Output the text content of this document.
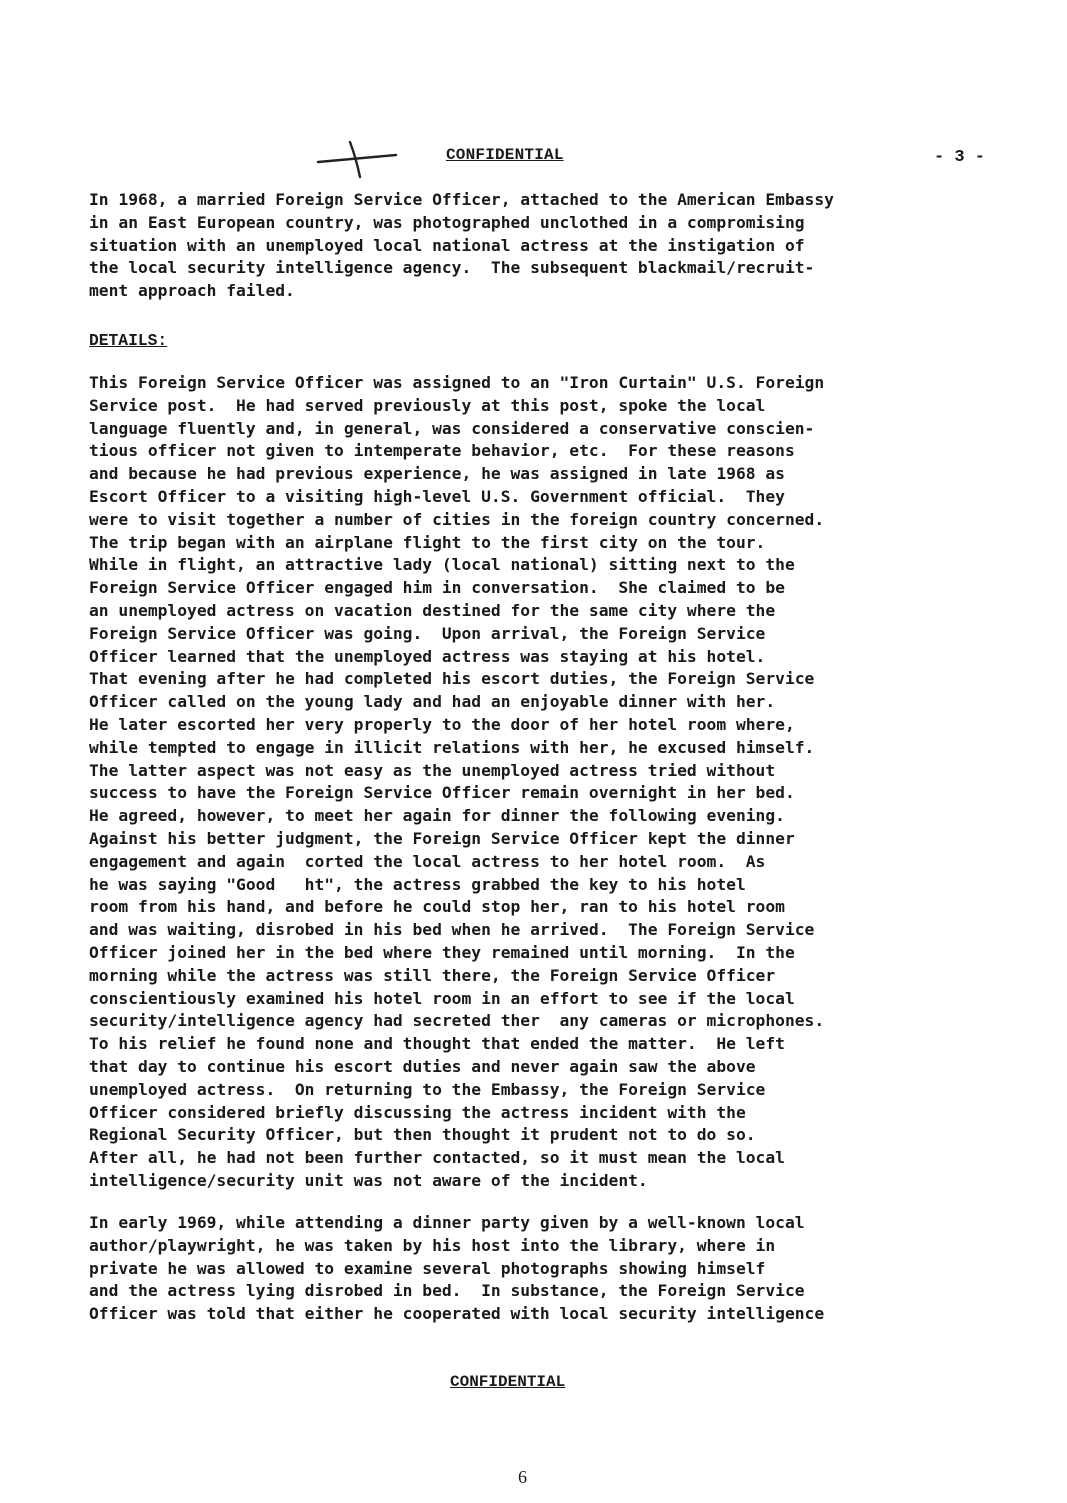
CONFIDENTIAL	- 3 -
In 1968, a married Foreign Service Officer, attached to the American Embassy
in an East European country, was photographed unclothed in a compromising
situation with an unemployed local national actress at the instigation of
the local security intelligence agency.  The subsequent blackmail/recruit-
ment approach failed.
DETAILS:
This Foreign Service Officer was assigned to an "Iron Curtain" U.S. Foreign
Service post.  He had served previously at this post, spoke the local
language fluently and, in general, was considered a conservative conscien-
tious officer not given to intemperate behavior, etc.  For these reasons
and because he had previous experience, he was assigned in late 1968 as
Escort Officer to a visiting high-level U.S. Government official.  They
were to visit together a number of cities in the foreign country concerned.
The trip began with an airplane flight to the first city on the tour.
While in flight, an attractive lady (local national) sitting next to the
Foreign Service Officer engaged him in conversation.  She claimed to be
an unemployed actress on vacation destined for the same city where the
Foreign Service Officer was going.  Upon arrival, the Foreign Service
Officer learned that the unemployed actress was staying at his hotel.
That evening after he had completed his escort duties, the Foreign Service
Officer called on the young lady and had an enjoyable dinner with her.
He later escorted her very properly to the door of her hotel room where,
while tempted to engage in illicit relations with her, he excused himself.
The latter aspect was not easy as the unemployed actress tried without
success to have the Foreign Service Officer remain overnight in her bed.
He agreed, however, to meet her again for dinner the following evening.
Against his better judgment, the Foreign Service Officer kept the dinner
engagement and again  corted the local actress to her hotel room.  As
he was saying "Good   ht", the actress grabbed the key to his hotel
room from his hand, and before he could stop her, ran to his hotel room
and was waiting, disrobed in his bed when he arrived.  The Foreign Service
Officer joined her in the bed where they remained until morning.  In the
morning while the actress was still there, the Foreign Service Officer
conscientiously examined his hotel room in an effort to see if the local
security/intelligence agency had secreted ther  any cameras or microphones.
To his relief he found none and thought that ended the matter.  He left
that day to continue his escort duties and never again saw the above
unemployed actress.  On returning to the Embassy, the Foreign Service
Officer considered briefly discussing the actress incident with the
Regional Security Officer, but then thought it prudent not to do so.
After all, he had not been further contacted, so it must mean the local
intelligence/security unit was not aware of the incident.
In early 1969, while attending a dinner party given by a well-known local
author/playwright, he was taken by his host into the library, where in
private he was allowed to examine several photographs showing himself
and the actress lying disrobed in bed.  In substance, the Foreign Service
Officer was told that either he cooperated with local security intelligence
CONFIDENTIAL
6
